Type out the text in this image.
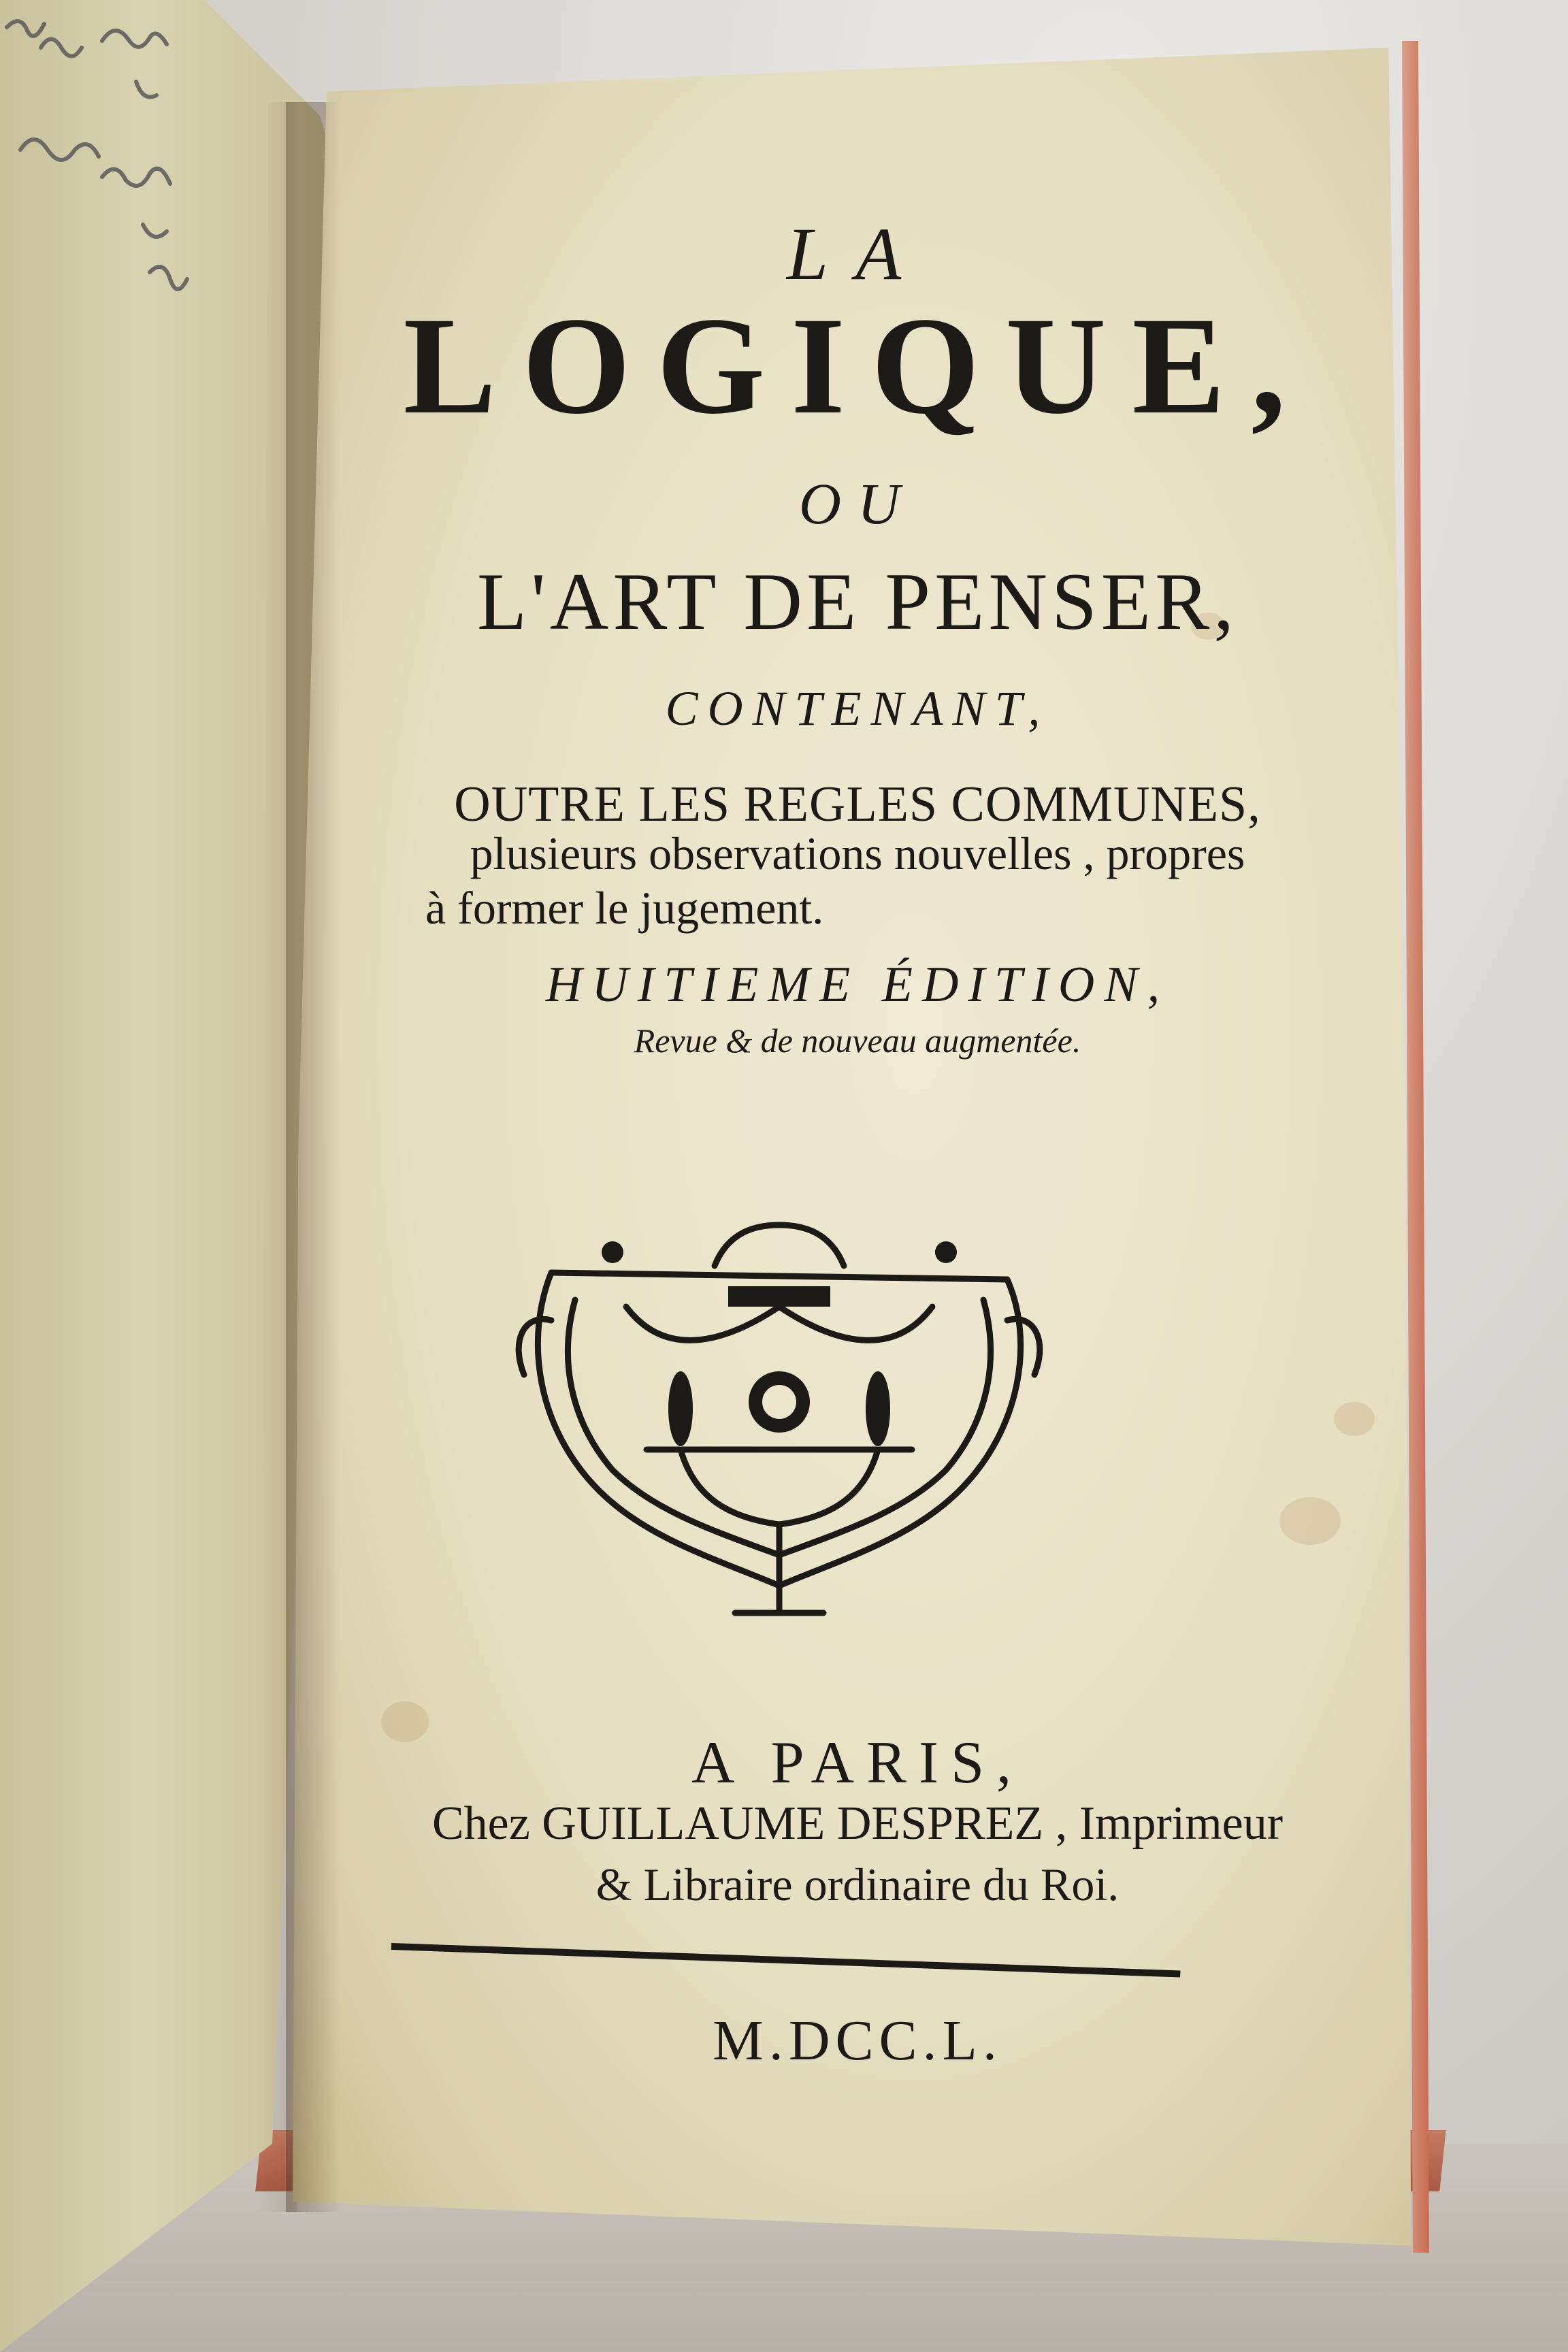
LA
LOGIQUE,
OU
L'ART DE PENSER,
CONTENANT,
OUTRE LES REGLES COMMUNES,
plusieurs observations nouvelles , propres
à former le jugement.
HUITIEME ÉDITION,
Revue & de nouveau augmentée.
A PARIS,
Chez GUILLAUME DESPREZ , Imprimeur
& Libraire ordinaire du Roi.
M.DCC.L.
